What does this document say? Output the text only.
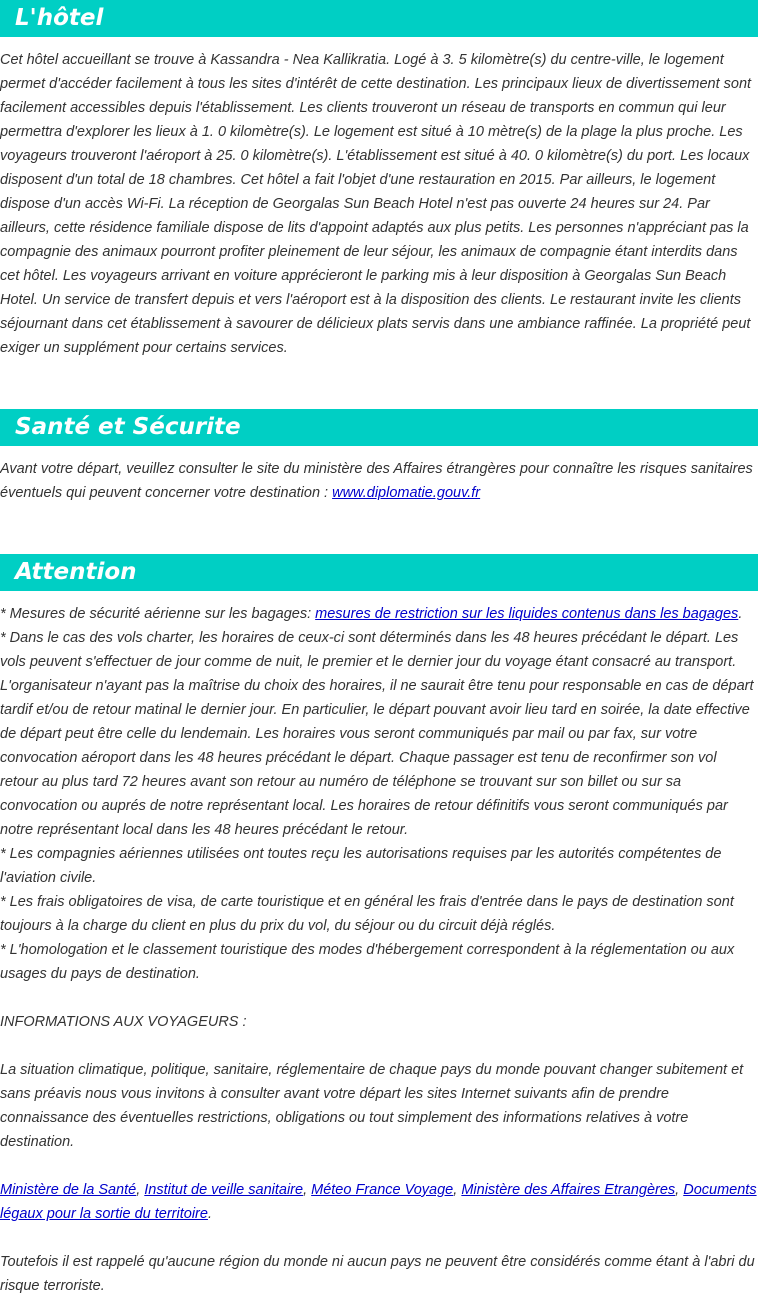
L'hôtel

Cet hôtel accueillant se trouve à Kassandra - Nea Kallikratia. Logé à 3. 5 kilomètre(s) du centre-ville, le logement permet d'accéder facilement à tous les sites d'intérêt de cette destination. Les principaux lieux de divertissement sont facilement accessibles depuis l'établissement. Les clients trouveront un réseau de transports en commun qui leur permettra d'explorer les lieux à 1. 0 kilomètre(s). Le logement est situé à 10 mètre(s) de la plage la plus proche. Les voyageurs trouveront l'aéroport à 25. 0 kilomètre(s). L'établissement est situé à 40. 0 kilomètre(s) du port. Les locaux disposent d'un total de 18 chambres. Cet hôtel a fait l'objet d'une restauration en 2015. Par ailleurs, le logement dispose d'un accès Wi-Fi. La réception de Georgalas Sun Beach Hotel n'est pas ouverte 24 heures sur 24. Par ailleurs, cette résidence familiale dispose de lits d'appoint adaptés aux plus petits. Les personnes n'appréciant pas la compagnie des animaux pourront profiter pleinement de leur séjour, les animaux de compagnie étant interdits dans cet hôtel. Les voyageurs arrivant en voiture apprécieront le parking mis à leur disposition à Georgalas Sun Beach Hotel. Un service de transfert depuis et vers l'aéroport est à la disposition des clients. Le restaurant invite les clients séjournant dans cet établissement à savourer de délicieux plats servis dans une ambiance raffinée. La propriété peut exiger un supplément pour certains services.

Santé et Sécurite

Avant votre départ, veuillez consulter le site du ministère des Affaires étrangères pour connaître les risques sanitaires éventuels qui peuvent concerner votre destination : www.diplomatie.gouv.fr

Attention

* Mesures de sécurité aérienne sur les bagages: mesures de restriction sur les liquides contenus dans les bagages.

* Dans le cas des vols charter, les horaires de ceux-ci sont déterminés dans les 48 heures précédant le départ. Les vols peuvent s'effectuer de jour comme de nuit, le premier et le dernier jour du voyage étant consacré au transport. L'organisateur n'ayant pas la maîtrise du choix des horaires, il ne saurait être tenu pour responsable en cas de départ tardif et/ou de retour matinal le dernier jour. En particulier, le départ pouvant avoir lieu tard en soirée, la date effective de départ peut être celle du lendemain. Les horaires vous seront communiqués par mail ou par fax, sur votre convocation aéroport dans les 48 heures précédant le départ. Chaque passager est tenu de reconfirmer son vol retour au plus tard 72 heures avant son retour au numéro de téléphone se trouvant sur son billet ou sur sa convocation ou auprés de notre représentant local. Les horaires de retour définitifs vous seront communiqués par notre représentant local dans les 48 heures précédant le retour.

* Les compagnies aériennes utilisées ont toutes reçu les autorisations requises par les autorités compétentes de l'aviation civile.

* Les frais obligatoires de visa, de carte touristique et en général les frais d'entrée dans le pays de destination sont toujours à la charge du client en plus du prix du vol, du séjour ou du circuit déjà réglés.

* L'homologation et le classement touristique des modes d'hébergement correspondent à la réglementation ou aux usages du pays de destination.

INFORMATIONS AUX VOYAGEURS :

La situation climatique, politique, sanitaire, réglementaire de chaque pays du monde pouvant changer subitement et sans préavis nous vous invitons à consulter avant votre départ les sites Internet suivants afin de prendre connaissance des éventuelles restrictions, obligations ou tout simplement des informations relatives à votre destination.

Ministère de la Santé, Institut de veille sanitaire, Méteo France Voyage, Ministère des Affaires Etrangères, Documents légaux pour la sortie du territoire.

Toutefois il est rappelé qu'aucune région du monde ni aucun pays ne peuvent être considérés comme étant à l'abri du risque terroriste.
